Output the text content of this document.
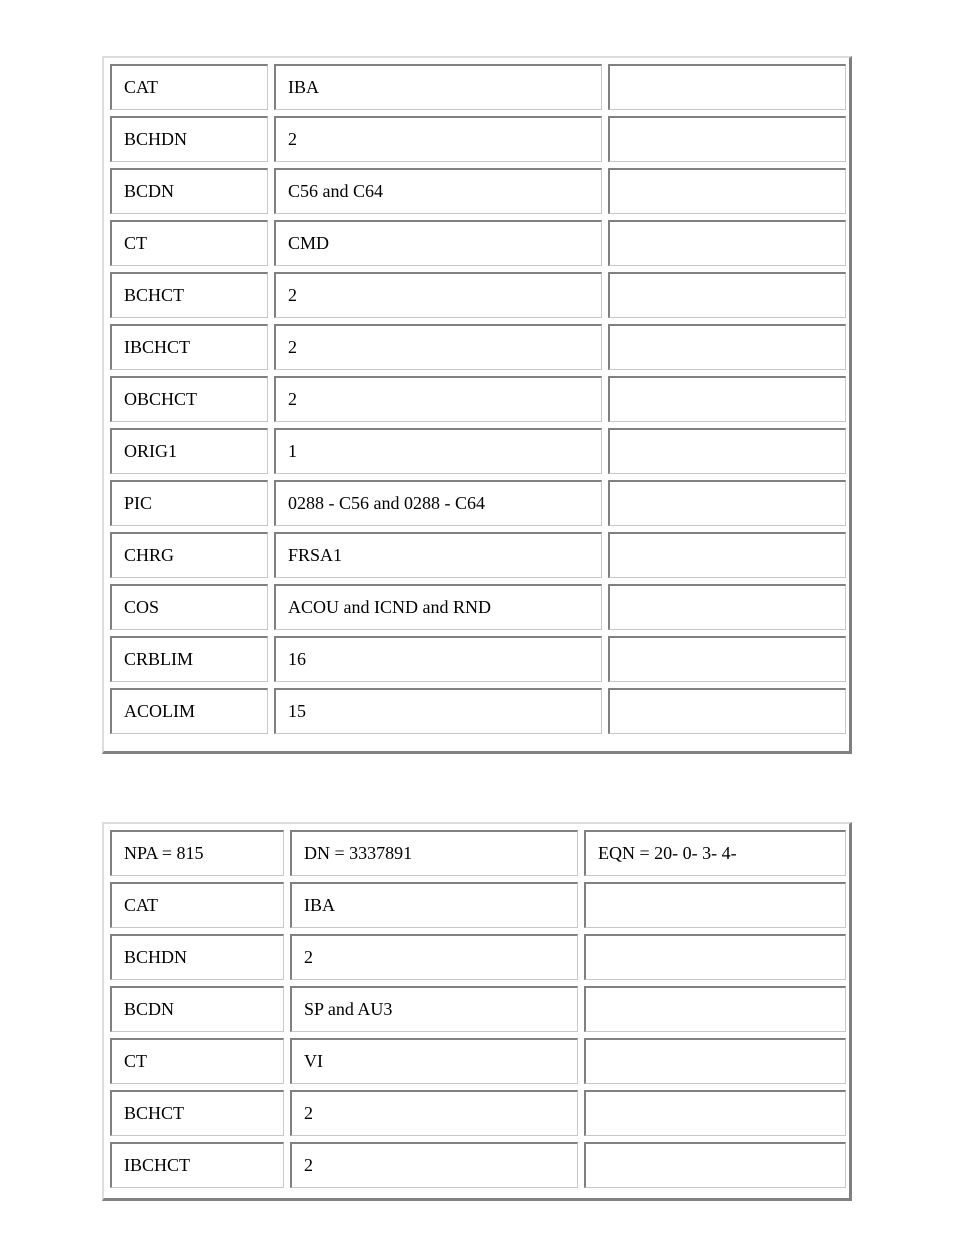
CAT	IBA	
BCHDN	2	
BCDN	C56 and C64	
CT	CMD	
BCHCT	2	
IBCHCT	2	
OBCHCT	2	
ORIG1	1	
PIC	0288 - C56 and 0288 - C64	
CHRG	FRSA1	
COS	ACOU and ICND and RND	
CRBLIM	16	
ACOLIM	15	
NPA = 815	DN = 3337891	EQN = 20- 0- 3- 4-
CAT	IBA	
BCHDN	2	
BCDN	SP and AU3	
CT	VI	
BCHCT	2	
IBCHCT	2	
